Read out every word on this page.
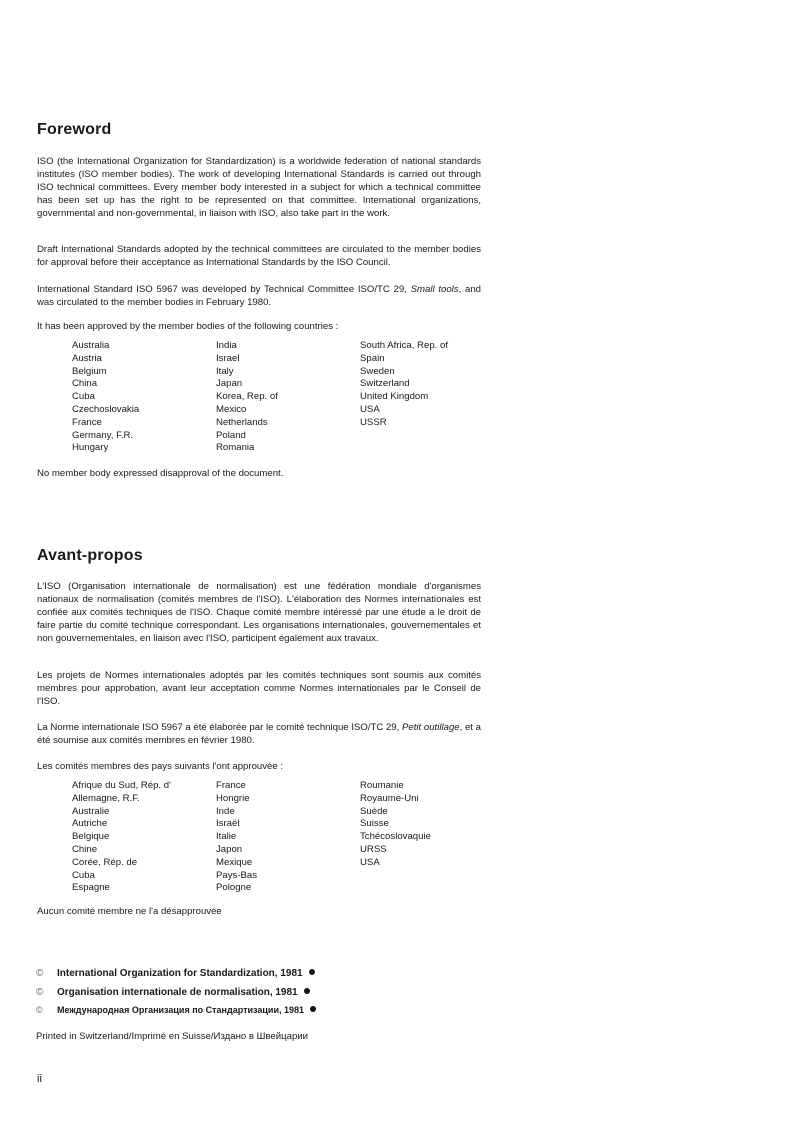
Foreword

ISO (the International Organization for Standardization) is a worldwide federation of national standards institutes (ISO member bodies). The work of developing International Standards is carried out through ISO technical committees. Every member body interested in a subject for which a technical committee has been set up has the right to be represented on that committee. International organizations, governmental and non-governmental, in liaison with ISO, also take part in the work.

Draft International Standards adopted by the technical committees are circulated to the member bodies for approval before their acceptance as International Standards by the ISO Council.

International Standard ISO 5967 was developed by Technical Committee ISO/TC 29, Small tools, and was circulated to the member bodies in February 1980.

It has been approved by the member bodies of the following countries :

Australia
Austria
Belgium
China
Cuba
Czechoslovakia
France
Germany, F.R.
Hungary
India
Israel
Italy
Japan
Korea, Rep. of
Mexico
Netherlands
Poland
Romania
South Africa, Rep. of
Spain
Sweden
Switzerland
United Kingdom
USA
USSR
No member body expressed disapproval of the document.
Avant-propos

L'ISO (Organisation internationale de normalisation) est une fédération mondiale d'organismes nationaux de normalisation (comités membres de l'ISO). L'élaboration des Normes internationales est confiée aux comités techniques de l'ISO. Chaque comité membre intéressé par une étude a le droit de faire partie du comité technique correspondant. Les organisations internationales, gouvernementales et non gouvernementales, en liaison avec l'ISO, participent également aux travaux.

Les projets de Normes internationales adoptés par les comités techniques sont soumis aux comités membres pour approbation, avant leur acceptation comme Normes internationales par le Conseil de l'ISO.

La Norme internationale ISO 5967 a été élaborée par le comité technique ISO/TC 29, Petit outillage, et a été soumise aux comités membres en février 1980.

Les comités membres des pays suivants l'ont approuvée :

Afrique du Sud, Rép. d'
Allemagne, R.F.
Australie
Autriche
Belgique
Chine
Corée, Rép. de
Cuba
Espagne
France
Hongrie
Inde
Israël
Italie
Japon
Mexique
Pays-Bas
Pologne
Roumanie
Royaume-Uni
Suède
Suisse
Tchécoslovaquie
URSS
USA
Aucun comité membre ne l'a désapprouvée
© International Organization for Standardization, 1981
© Organisation internationale de normalisation, 1981
© Международная Организация по Стандартизации, 1981
Printed in Switzerland/Imprimé en Suisse/Издано в Швейцарии
ii
